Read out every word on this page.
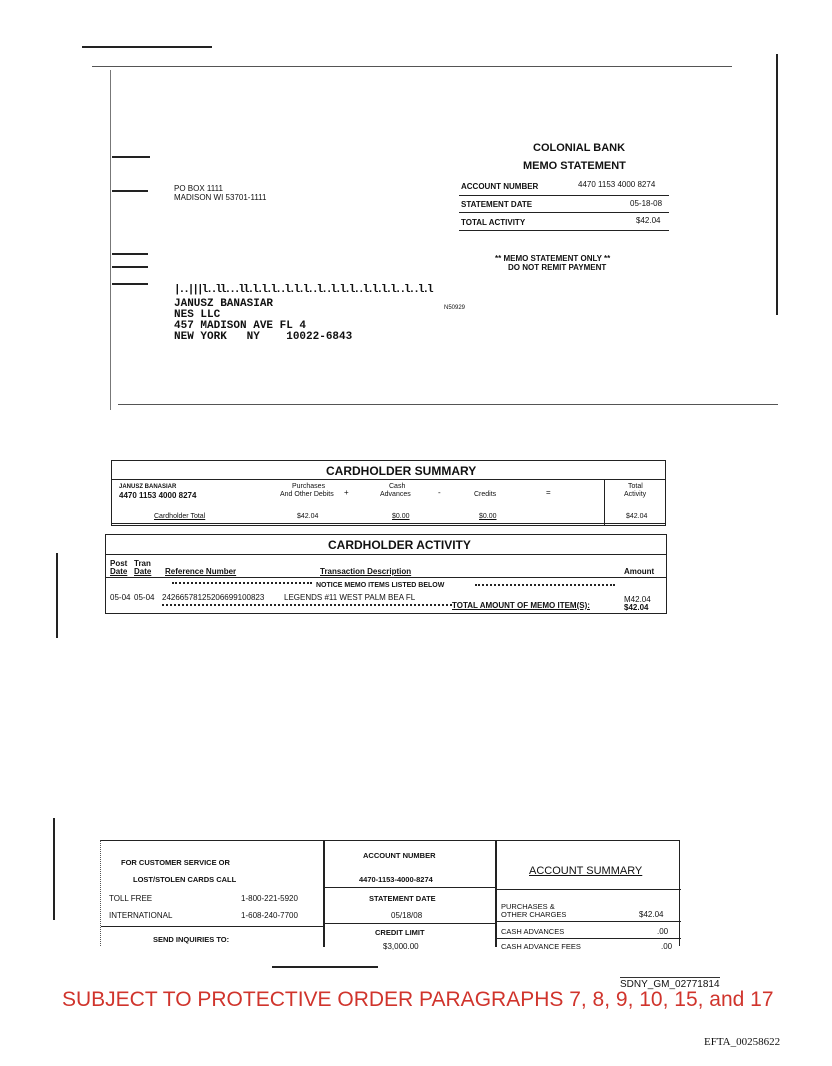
COLONIAL BANK
MEMO STATEMENT
PO BOX 1111
MADISON WI 53701-1111
ACCOUNT NUMBER	4470 1153 4000 8274
STATEMENT DATE	05-18-08
TOTAL ACTIVITY	$42.04
** MEMO STATEMENT ONLY **
DO NOT REMIT PAYMENT
|..|||l..ll...ll.l.l.l..l.l.l..l..l.l.l..l.l.l.l..l..l.l
JANUSZ BANASIAR
NES LLC
457 MADISON AVE FL 4
NEW YORK   NY    10022-6843
N50929
CARDHOLDER SUMMARY
JANUSZ BANASIAR
4470 1153 4000 8274
Purchases
And Other Debits +
Cash
Advances	-	Credits	=
Total
Activity
Cardholder Total	$42.04	$0.00	$0.00	$42.04
CARDHOLDER ACTIVITY
Post Tran
Date Date Reference Number	Transaction Description	Amount
NOTICE MEMO ITEMS LISTED BELOW
05-04 05-04 24266578125206699100823 LEGENDS #11 WEST PALM BEA FL	M42.04
TOTAL AMOUNT OF MEMO ITEM(S):	$42.04
FOR CUSTOMER SERVICE OR
LOST/STOLEN CARDS CALL
TOLL FREE	1-800-221-5920
INTERNATIONAL	1-608-240-7700
SEND INQUIRIES TO:
ACCOUNT NUMBER
4470-1153-4000-8274
STATEMENT DATE
05/18/08
CREDIT LIMIT
$3,000.00
ACCOUNT SUMMARY
PURCHASES &
OTHER CHARGES	$42.04
CASH ADVANCES	.00
CASH ADVANCE FEES	.00
SDNY_GM_02771814
SUBJECT TO PROTECTIVE ORDER PARAGRAPHS 7, 8, 9, 10, 15, and 17
EFTA_00258622
